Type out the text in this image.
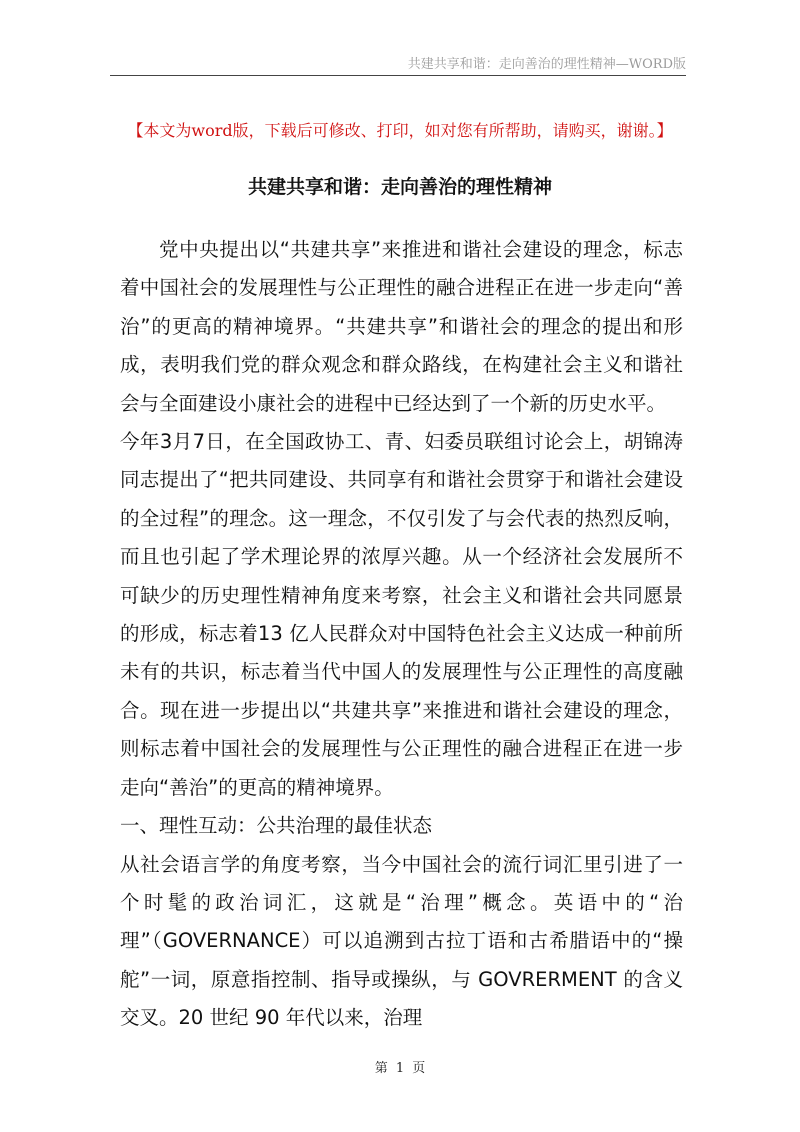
共建共享和谐：走向善治的理性精神—WORD版
【本文为word版，下载后可修改、打印，如对您有所帮助，请购买，谢谢。】
共建共享和谐：走向善治的理性精神

党中央提出以“共建共享”来推进和谐社会建设的理念，标志着中国社会的发展理性与公正理性的融合进程正在进一步走向“善治”的更高的精神境界。“共建共享”和谐社会的理念的提出和形成，表明我们党的群众观念和群众路线，在构建社会主义和谐社会与全面建设小康社会的进程中已经达到了一个新的历史水平。

今年3月7日，在全国政协工、青、妇委员联组讨论会上，胡锦涛同志提出了“把共同建设、共同享有和谐社会贯穿于和谐社会建设的全过程”的理念。这一理念，不仅引发了与会代表的热烈反响，而且也引起了学术理论界的浓厚兴趣。从一个经济社会发展所不可缺少的历史理性精神角度来考察，社会主义和谐社会共同愿景的形成，标志着13 亿人民群众对中国特色社会主义达成一种前所未有的共识，标志着当代中国人的发展理性与公正理性的高度融合。现在进一步提出以“共建共享”来推进和谐社会建设的理念，则标志着中国社会的发展理性与公正理性的融合进程正在进一步走向“善治”的更高的精神境界。

一、理性互动：公共治理的最佳状态

从社会语言学的角度考察，当今中国社会的流行词汇里引进了一个时髦的政治词汇，这就是“治理”概念。英语中的“治理”（GOVERNANCE）可以追溯到古拉丁语和古希腊语中的“操舵”一词，原意指控制、指导或操纵，与 GOVRERMENT 的含义交叉。20 世纪 90 年代以来，治理

第 1 页
